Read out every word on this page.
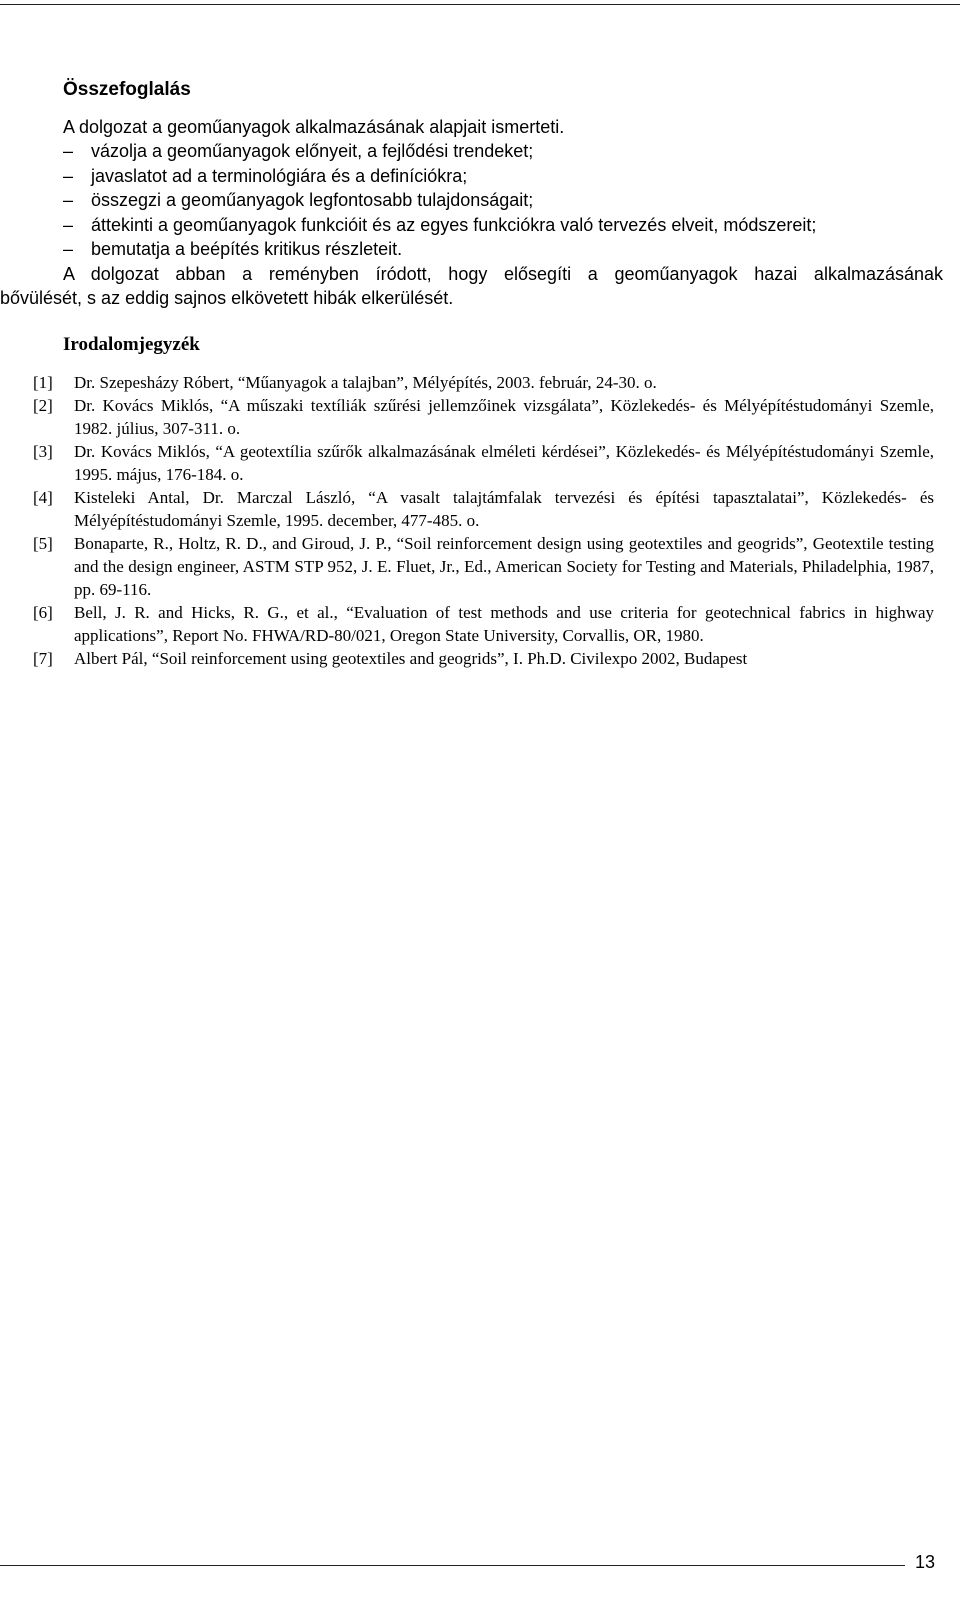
Összefoglalás

A dolgozat a geoműanyagok alkalmazásának alapjait ismerteti.

– vázolja a geoműanyagok előnyeit, a fejlődési trendeket;
– javaslatot ad a terminológiára és a definíciókra;
– összegzi a geoműanyagok legfontosabb tulajdonságait;
– áttekinti a geoműanyagok funkcióit és az egyes funkciókra való tervezés elveit, módszereit;
– bemutatja a beépítés kritikus részleteit.
A dolgozat abban a reményben íródott, hogy elősegíti a geoműanyagok hazai alkalmazásának
bővülését, s az eddig sajnos elkövetett hibák elkerülését.
Irodalomjegyzék
[1]	Dr. Szepesházy Róbert, “Műanyagok a talajban”, Mélyépítés, 2003. február, 24-30. o.
[2]	Dr. Kovács Miklós, “A műszaki textíliák szűrési jellemzőinek vizsgálata”, Közlekedés- és Mélyépítéstudományi Szemle, 1982. július, 307-311. o.
[3]	Dr. Kovács Miklós, “A geotextília szűrők alkalmazásának elméleti kérdései”, Közlekedés- és Mélyépítéstudományi Szemle, 1995. május, 176-184. o.
[4]	Kisteleki Antal, Dr. Marczal László, “A vasalt talajtámfalak tervezési és építési tapasztalatai”, Közlekedés- és Mélyépítéstudományi Szemle, 1995. december, 477-485. o.
[5]	Bonaparte, R., Holtz, R. D., and Giroud, J. P., “Soil reinforcement design using geotextiles and geogrids”, Geotextile testing and the design engineer, ASTM STP 952, J. E. Fluet, Jr., Ed., American Society for Testing and Materials, Philadelphia, 1987, pp. 69-116.
[6]	Bell, J. R. and Hicks, R. G., et al., “Evaluation of test methods and use criteria for geotechnical fabrics in highway applications”, Report No. FHWA/RD-80/021, Oregon State University, Corvallis, OR, 1980.
[7]	Albert Pál, “Soil reinforcement using geotextiles and geogrids”, I. Ph.D. Civilexpo 2002, Budapest
13
